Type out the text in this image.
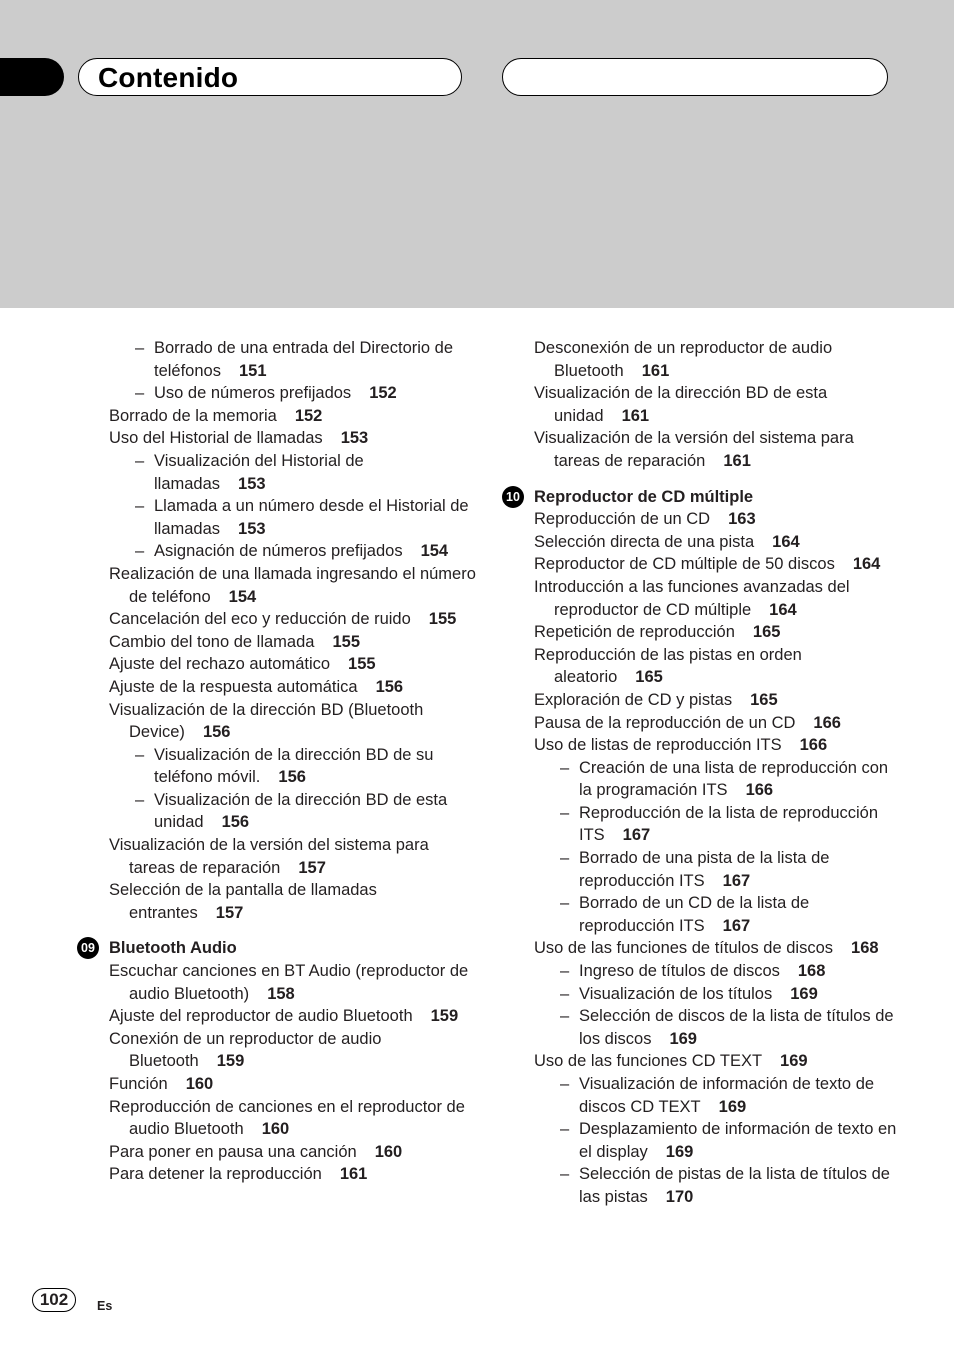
Contenido
– Borrado de una entrada del Directorio de teléfonos 151
– Uso de números prefijados 152
Borrado de la memoria 152
Uso del Historial de llamadas 153
– Visualización del Historial de llamadas 153
– Llamada a un número desde el Historial de llamadas 153
– Asignación de números prefijados 154
Realización de una llamada ingresando el número de teléfono 154
Cancelación del eco y reducción de ruido 155
Cambio del tono de llamada 155
Ajuste del rechazo automático 155
Ajuste de la respuesta automática 156
Visualización de la dirección BD (Bluetooth Device) 156
– Visualización de la dirección BD de su teléfono móvil. 156
– Visualización de la dirección BD de esta unidad 156
Visualización de la versión del sistema para tareas de reparación 157
Selección de la pantalla de llamadas entrantes 157
09 Bluetooth Audio
Escuchar canciones en BT Audio (reproductor de audio Bluetooth) 158
Ajuste del reproductor de audio Bluetooth 159
Conexión de un reproductor de audio Bluetooth 159
Función 160
Reproducción de canciones en el reproductor de audio Bluetooth 160
Para poner en pausa una canción 160
Para detener la reproducción 161
Desconexión de un reproductor de audio Bluetooth 161
Visualización de la dirección BD de esta unidad 161
Visualización de la versión del sistema para tareas de reparación 161
10 Reproductor de CD múltiple
Reproducción de un CD 163
Selección directa de una pista 164
Reproductor de CD múltiple de 50 discos 164
Introducción a las funciones avanzadas del reproductor de CD múltiple 164
Repetición de reproducción 165
Reproducción de las pistas en orden aleatorio 165
Exploración de CD y pistas 165
Pausa de la reproducción de un CD 166
Uso de listas de reproducción ITS 166
– Creación de una lista de reproducción con la programación ITS 166
– Reproducción de la lista de reproducción ITS 167
– Borrado de una pista de la lista de reproducción ITS 167
– Borrado de un CD de la lista de reproducción ITS 167
Uso de las funciones de títulos de discos 168
– Ingreso de títulos de discos 168
– Visualización de los títulos 169
– Selección de discos de la lista de títulos de los discos 169
Uso de las funciones CD TEXT 169
– Visualización de información de texto de discos CD TEXT 169
– Desplazamiento de información de texto en el display 169
– Selección de pistas de la lista de títulos de las pistas 170
102	Es
